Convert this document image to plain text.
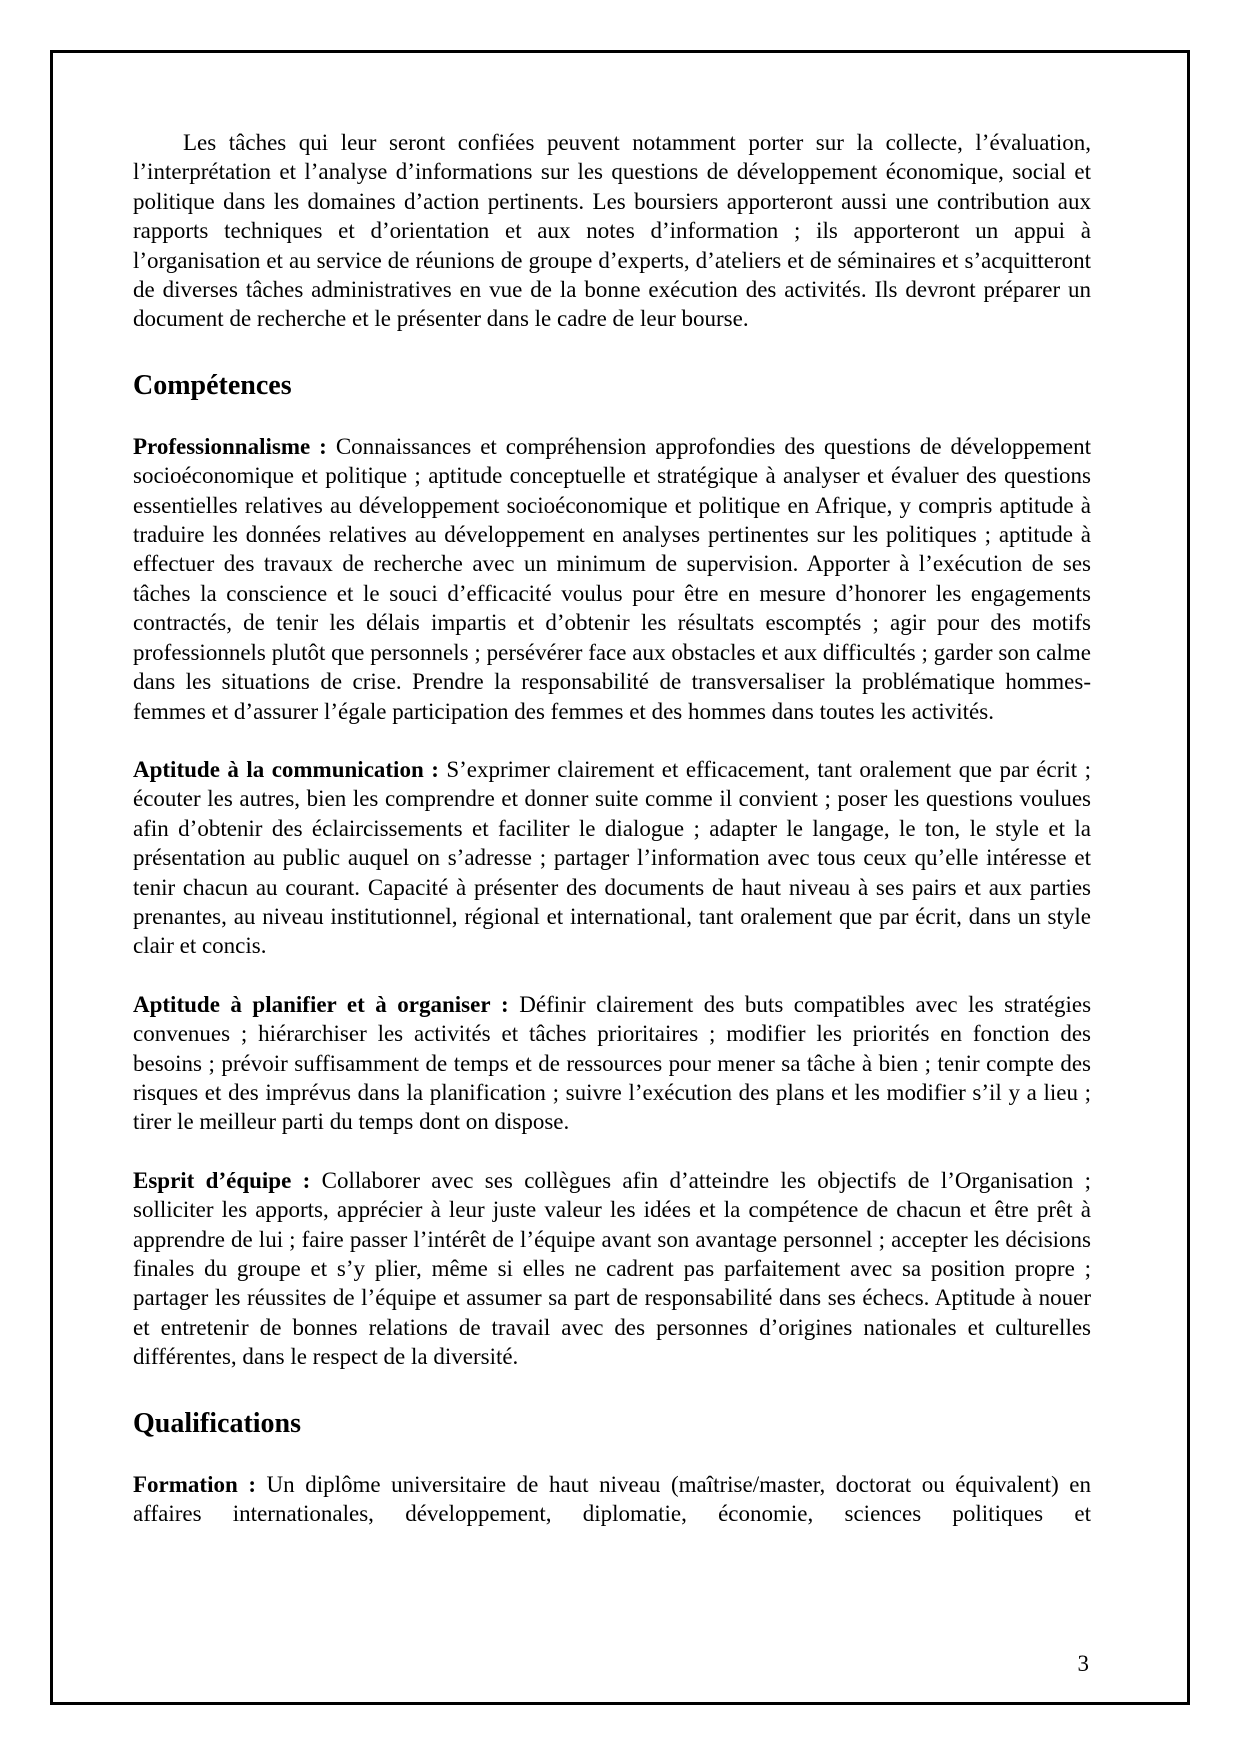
Les tâches qui leur seront confiées peuvent notamment porter sur la collecte, l’évaluation, l’interprétation et l’analyse d’informations sur les questions de développement économique, social et politique dans les domaines d’action pertinents. Les boursiers apporteront aussi une contribution aux rapports techniques et d’orientation et aux notes d’information ; ils apporteront un appui à l’organisation et au service de réunions de groupe d’experts, d’ateliers et de séminaires et s’acquitteront de diverses tâches administratives en vue de la bonne exécution des activités. Ils devront préparer un document de recherche et le présenter dans le cadre de leur bourse.

Compétences

Professionnalisme : Connaissances et compréhension approfondies des questions de développement socioéconomique et politique ; aptitude conceptuelle et stratégique à analyser et évaluer des questions essentielles relatives au développement socioéconomique et politique en Afrique, y compris aptitude à traduire les données relatives au développement en analyses pertinentes sur les politiques ; aptitude à effectuer des travaux de recherche avec un minimum de supervision. Apporter à l’exécution de ses tâches la conscience et le souci d’efficacité voulus pour être en mesure d’honorer les engagements contractés, de tenir les délais impartis et d’obtenir les résultats escomptés ; agir pour des motifs professionnels plutôt que personnels ; persévérer face aux obstacles et aux difficultés ; garder son calme dans les situations de crise. Prendre la responsabilité de transversaliser la problématique hommes-femmes et d’assurer l’égale participation des femmes et des hommes dans toutes les activités.

Aptitude à la communication : S’exprimer clairement et efficacement, tant oralement que par écrit ; écouter les autres, bien les comprendre et donner suite comme il convient ; poser les questions voulues afin d’obtenir des éclaircissements et faciliter le dialogue ; adapter le langage, le ton, le style et la présentation au public auquel on s’adresse ; partager l’information avec tous ceux qu’elle intéresse et tenir chacun au courant. Capacité à présenter des documents de haut niveau à ses pairs et aux parties prenantes, au niveau institutionnel, régional et international, tant oralement que par écrit, dans un style clair et concis.

Aptitude à planifier et à organiser : Définir clairement des buts compatibles avec les stratégies convenues ; hiérarchiser les activités et tâches prioritaires ; modifier les priorités en fonction des besoins ; prévoir suffisamment de temps et de ressources pour mener sa tâche à bien ; tenir compte des risques et des imprévus dans la planification ; suivre l’exécution des plans et les modifier s’il y a lieu ; tirer le meilleur parti du temps dont on dispose.

Esprit d’équipe : Collaborer avec ses collègues afin d’atteindre les objectifs de l’Organisation ; solliciter les apports, apprécier à leur juste valeur les idées et la compétence de chacun et être prêt à apprendre de lui ; faire passer l’intérêt de l’équipe avant son avantage personnel ; accepter les décisions finales du groupe et s’y plier, même si elles ne cadrent pas parfaitement avec sa position propre ; partager les réussites de l’équipe et assumer sa part de responsabilité dans ses échecs. Aptitude à nouer et entretenir de bonnes relations de travail avec des personnes d’origines nationales et culturelles différentes, dans le respect de la diversité.

Qualifications

Formation : Un diplôme universitaire de haut niveau (maîtrise/master, doctorat ou équivalent) en affaires internationales, développement, diplomatie, économie, sciences politiques et

3
